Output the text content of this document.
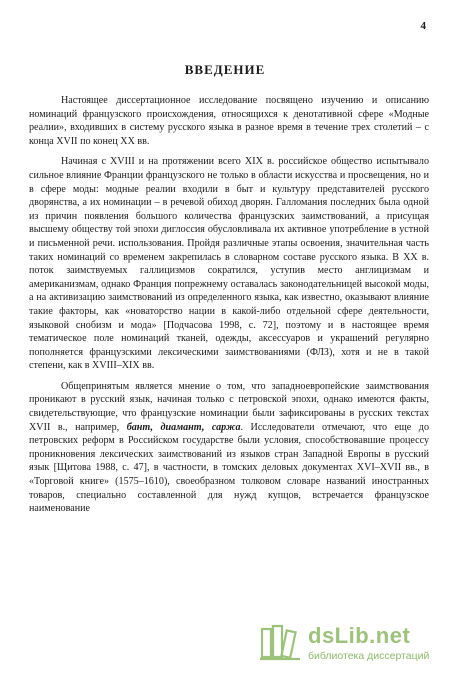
4
ВВЕДЕНИЕ

Настоящее диссертационное исследование посвящено изучению и описанию номинаций французского происхождения, относящихся к денотативной сфере «Модные реалии», входивших в систему русского языка в разное время в течение трех столетий – с конца XVII по конец XX вв.

Начиная с XVIII и на протяжении всего XIX в. российское общество испытывало сильное влияние Франции французского не только в области искусства и просвещения, но и в сфере моды: модные реалии входили в быт и культуру представителей русского дворянства, а их номинации – в речевой обиход дворян. Галломания последних была одной из причин появления большого количества французских заимствований, а присущая высшему обществу той эпохи диглоссия обусловливала их активное употребление в устной и письменной речи. использования. Пройдя различные этапы освоения, значительная часть таких номинаций со временем закрепилась в словарном составе русского языка. В XX в. поток заимствуемых галлицизмов сократился, уступив место англицизмам и американизмам, однако Франция попрежнему оставалась законодательницей высокой моды, а на активизацию заимствований из определенного языка, как известно, оказывают влияние такие факторы, как «новаторство нации в какой-либо отдельной сфере деятельности, языковой снобизм и мода» [Подчасова 1998, с. 72], поэтому и в настоящее время тематическое поле номинаций тканей, одежды, аксессуаров и украшений регулярно пополняется французскими лексическими заимствованиями (ФЛЗ), хотя и не в такой степени, как в XVIII–XIX вв.

Общепринятым является мнение о том, что западноевропейские заимствования проникают в русский язык, начиная только с петровской эпохи, однако имеются факты, свидетельствующие, что французские номинации были зафиксированы в русских текстах XVII в., например, бант, диамант, саржа. Исследователи отмечают, что еще до петровских реформ в Российском государстве были условия, способствовавшие процессу проникновения лексических заимствований из языков стран Западной Европы в русский язык [Щитова 1988, с. 47], в частности, в томских деловых документах XVI–XVII вв., в «Торговой книге» (1575–1610), своеобразном толковом словаре названий иностранных товаров, специально составленной для нужд купцов, встречается французское наименование

dsLib.net
библиотека диссертаций
